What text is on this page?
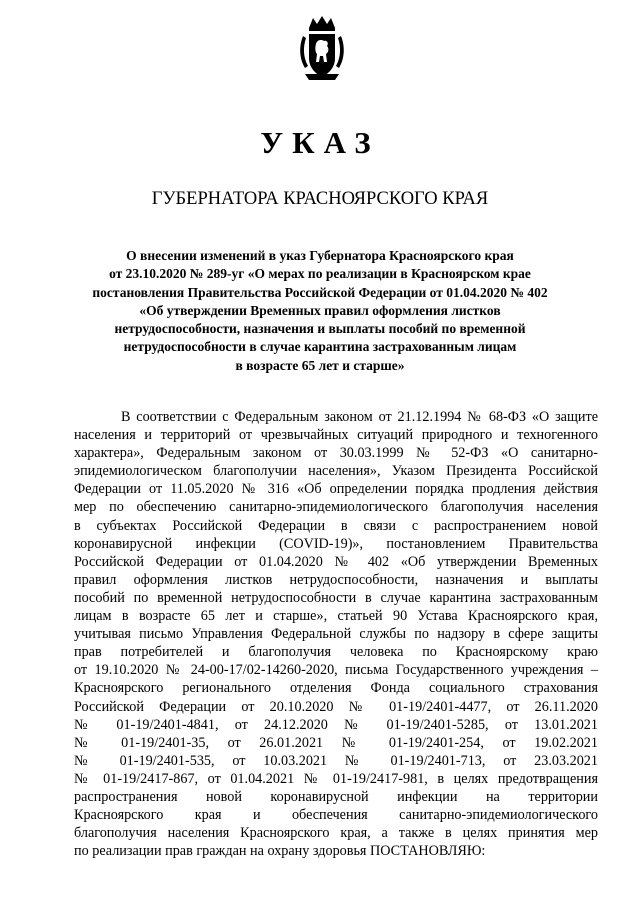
УКАЗ
ГУБЕРНАТОРА КРАСНОЯРСКОГО КРАЯ
О внесении изменений в указ Губернатора Красноярского края
от 23.10.2020 № 289-уг «О мерах по реализации в Красноярском крае
постановления Правительства Российской Федерации от 01.04.2020 № 402
«Об утверждении Временных правил оформления листков
нетрудоспособности, назначения и выплаты пособий по временной
нетрудоспособности в случае карантина застрахованным лицам
в возрасте 65 лет и старше»
В соответствии с Федеральным законом от 21.12.1994 № 68-ФЗ «О защите
населения и территорий от чрезвычайных ситуаций природного и техногенного
характера», Федеральным законом от 30.03.1999 № 52-ФЗ «О санитарно-
эпидемиологическом благополучии населения», Указом Президента Российской
Федерации от 11.05.2020 № 316 «Об определении порядка продления действия
мер по обеспечению санитарно-эпидемиологического благополучия населения
в субъектах Российской Федерации в связи с распространением новой
коронавирусной инфекции (COVID-19)», постановлением Правительства
Российской Федерации от 01.04.2020 № 402 «Об утверждении Временных
правил оформления листков нетрудоспособности, назначения и выплаты
пособий по временной нетрудоспособности в случае карантина застрахованным
лицам в возрасте 65 лет и старше», статьей 90 Устава Красноярского края,
учитывая письмо Управления Федеральной службы по надзору в сфере защиты
прав потребителей и благополучия человека по Красноярскому краю
от 19.10.2020 № 24-00-17/02-14260-2020, письма Государственного учреждения –
Красноярского регионального отделения Фонда социального страхования
Российской Федерации от 20.10.2020 № 01-19/2401-4477, от 26.11.2020
№ 01-19/2401-4841, от 24.12.2020 № 01-19/2401-5285, от 13.01.2021
№ 01-19/2401-35, от 26.01.2021 № 01-19/2401-254, от 19.02.2021
№ 01-19/2401-535, от 10.03.2021 № 01-19/2401-713, от 23.03.2021
№ 01-19/2417-867, от 01.04.2021 № 01-19/2417-981, в целях предотвращения
распространения новой коронавирусной инфекции на территории
Красноярского края и обеспечения санитарно-эпидемиологического
благополучия населения Красноярского края, а также в целях принятия мер
по реализации прав граждан на охрану здоровья ПОСТАНОВЛЯЮ:
